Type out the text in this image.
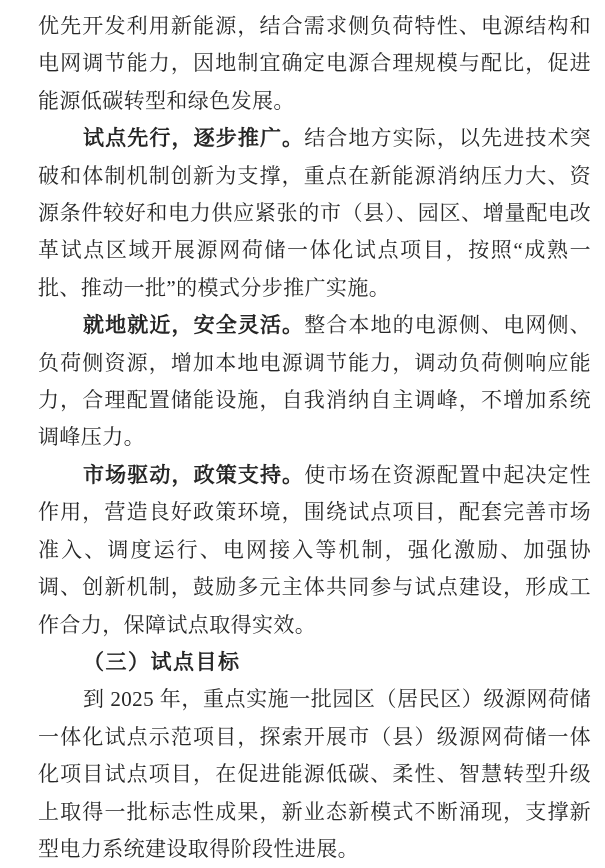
优先开发利用新能源，结合需求侧负荷特性、电源结构和电网调节能力，因地制宜确定电源合理规模与配比，促进能源低碳转型和绿色发展。

试点先行，逐步推广。结合地方实际，以先进技术突破和体制机制创新为支撑，重点在新能源消纳压力大、资源条件较好和电力供应紧张的市（县）、园区、增量配电改革试点区域开展源网荷储一体化试点项目，按照“成熟一批、推动一批”的模式分步推广实施。

就地就近，安全灵活。整合本地的电源侧、电网侧、负荷侧资源，增加本地电源调节能力，调动负荷侧响应能力，合理配置储能设施，自我消纳自主调峰，不增加系统调峰压力。

市场驱动，政策支持。使市场在资源配置中起决定性作用，营造良好政策环境，围绕试点项目，配套完善市场准入、调度运行、电网接入等机制，强化激励、加强协调、创新机制，鼓励多元主体共同参与试点建设，形成工作合力，保障试点取得实效。

（三）试点目标

到 2025 年，重点实施一批园区（居民区）级源网荷储一体化试点示范项目，探索开展市（县）级源网荷储一体化项目试点项目，在促进能源低碳、柔性、智慧转型升级上取得一批标志性成果，新业态新模式不断涌现，支撑新型电力系统建设取得阶段性进展。
